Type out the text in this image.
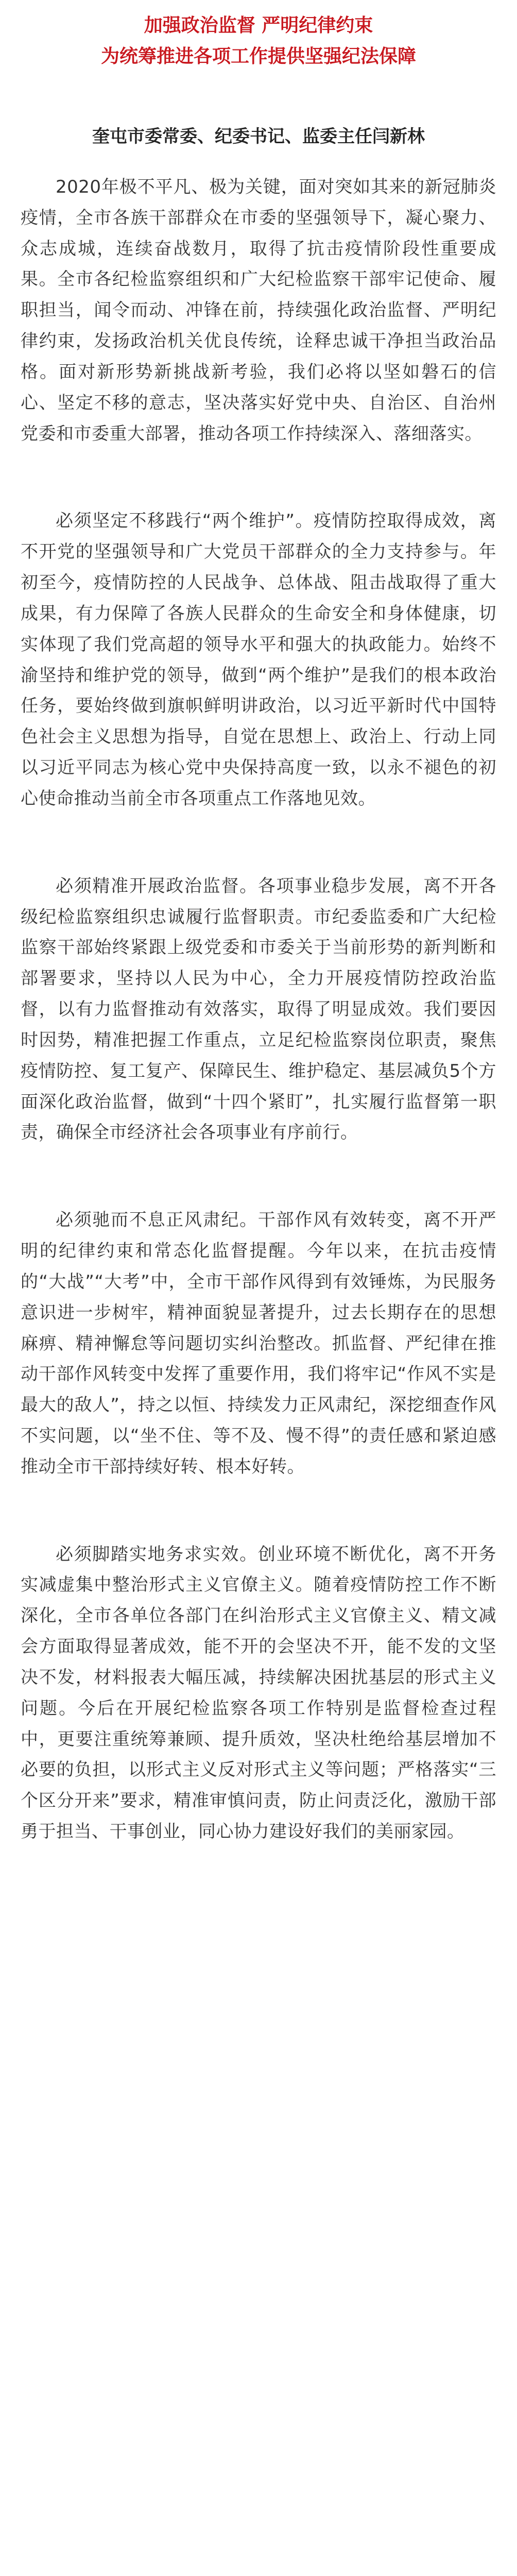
加强政治监督 严明纪律约束
为统筹推进各项工作提供坚强纪法保障
奎屯市委常委、纪委书记、监委主任闫新林

2020年极不平凡、极为关键，面对突如其来的新冠肺炎疫情，全市各族干部群众在市委的坚强领导下，凝心聚力、众志成城，连续奋战数月，取得了抗击疫情阶段性重要成果。全市各纪检监察组织和广大纪检监察干部牢记使命、履职担当，闻令而动、冲锋在前，持续强化政治监督、严明纪律约束，发扬政治机关优良传统，诠释忠诚干净担当政治品格。面对新形势新挑战新考验，我们必将以坚如磐石的信心、坚定不移的意志，坚决落实好党中央、自治区、自治州党委和市委重大部署，推动各项工作持续深入、落细落实。

必须坚定不移践行“两个维护”。疫情防控取得成效，离不开党的坚强领导和广大党员干部群众的全力支持参与。年初至今，疫情防控的人民战争、总体战、阻击战取得了重大成果，有力保障了各族人民群众的生命安全和身体健康，切实体现了我们党高超的领导水平和强大的执政能力。始终不渝坚持和维护党的领导，做到“两个维护”是我们的根本政治任务，要始终做到旗帜鲜明讲政治，以习近平新时代中国特色社会主义思想为指导，自觉在思想上、政治上、行动上同以习近平同志为核心党中央保持高度一致，以永不褪色的初心使命推动当前全市各项重点工作落地见效。

必须精准开展政治监督。各项事业稳步发展，离不开各级纪检监察组织忠诚履行监督职责。市纪委监委和广大纪检监察干部始终紧跟上级党委和市委关于当前形势的新判断和部署要求，坚持以人民为中心，全力开展疫情防控政治监督，以有力监督推动有效落实，取得了明显成效。我们要因时因势，精准把握工作重点，立足纪检监察岗位职责，聚焦疫情防控、复工复产、保障民生、维护稳定、基层减负5个方面深化政治监督，做到“十四个紧盯”，扎实履行监督第一职责，确保全市经济社会各项事业有序前行。

必须驰而不息正风肃纪。干部作风有效转变，离不开严明的纪律约束和常态化监督提醒。今年以来，在抗击疫情的“大战”“大考”中，全市干部作风得到有效锤炼，为民服务意识进一步树牢，精神面貌显著提升，过去长期存在的思想麻痹、精神懈怠等问题切实纠治整改。抓监督、严纪律在推动干部作风转变中发挥了重要作用，我们将牢记“作风不实是最大的敌人”，持之以恒、持续发力正风肃纪，深挖细查作风不实问题，以“坐不住、等不及、慢不得”的责任感和紧迫感推动全市干部持续好转、根本好转。

必须脚踏实地务求实效。创业环境不断优化，离不开务实减虚集中整治形式主义官僚主义。随着疫情防控工作不断深化，全市各单位各部门在纠治形式主义官僚主义、精文减会方面取得显著成效，能不开的会坚决不开，能不发的文坚决不发，材料报表大幅压减，持续解决困扰基层的形式主义问题。今后在开展纪检监察各项工作特别是监督检查过程中，更要注重统筹兼顾、提升质效，坚决杜绝给基层增加不必要的负担，以形式主义反对形式主义等问题；严格落实“三个区分开来”要求，精准审慎问责，防止问责泛化，激励干部勇于担当、干事创业，同心协力建设好我们的美丽家园。
